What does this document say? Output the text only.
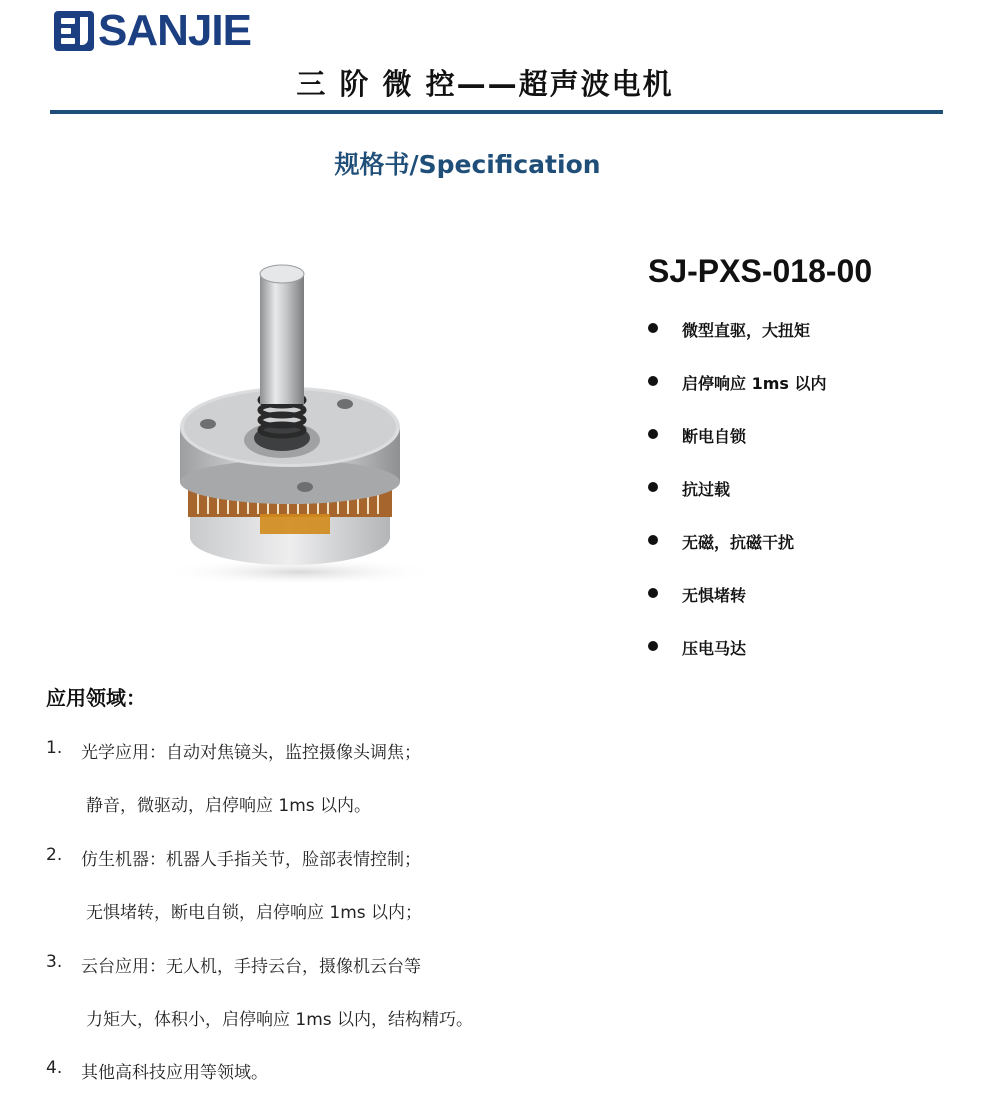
SANJIE
三 阶 微 控——超声波电机
规格书/Specification
SJ-PXS-018-00
微型直驱，大扭矩
启停响应 1ms 以内
断电自锁
抗过载
无磁，抗磁干扰
无惧堵转
压电马达
应用领域：
1. 光学应用：自动对焦镜头，监控摄像头调焦；
静音，微驱动，启停响应 1ms 以内。
2. 仿生机器：机器人手指关节，脸部表情控制；
无惧堵转，断电自锁，启停响应 1ms 以内；
3. 云台应用：无人机，手持云台，摄像机云台等
力矩大，体积小，启停响应 1ms 以内，结构精巧。
4. 其他高科技应用等领域。
